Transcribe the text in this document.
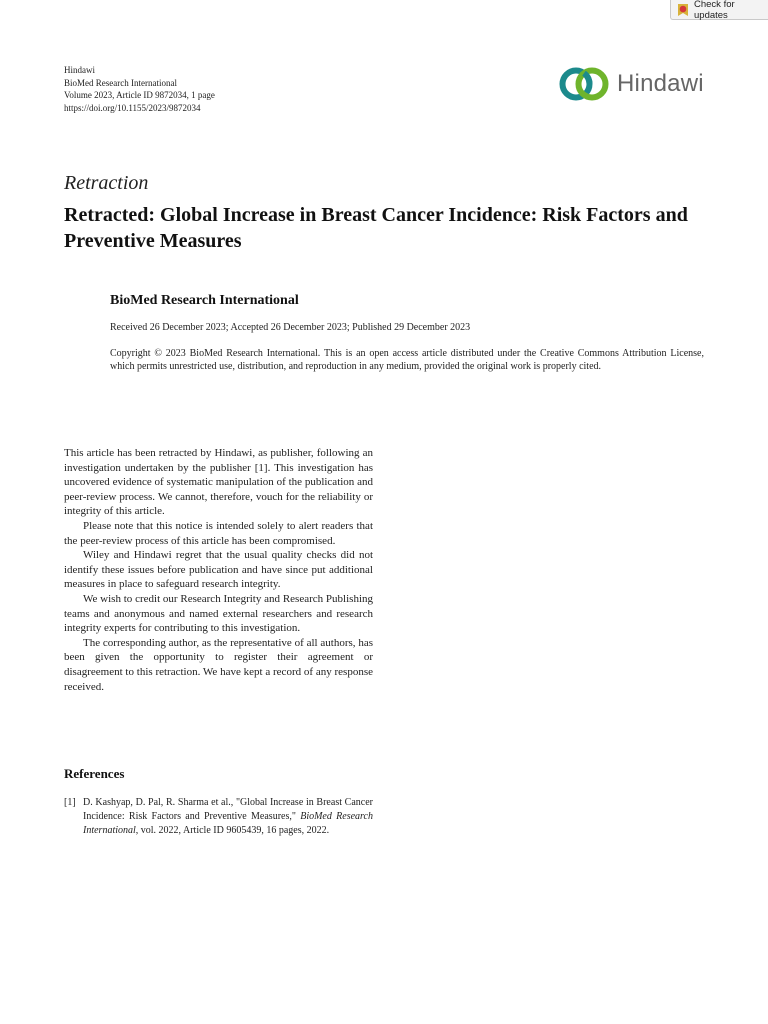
Check for updates
Hindawi
BioMed Research International
Volume 2023, Article ID 9872034, 1 page
https://doi.org/10.1155/2023/9872034
Hindawi
Retraction
Retracted: Global Increase in Breast Cancer Incidence: Risk Factors and Preventive Measures
BioMed Research International
Received 26 December 2023; Accepted 26 December 2023; Published 29 December 2023
Copyright © 2023 BioMed Research International. This is an open access article distributed under the Creative Commons Attribution License, which permits unrestricted use, distribution, and reproduction in any medium, provided the original work is properly cited.

This article has been retracted by Hindawi, as publisher, following an investigation undertaken by the publisher [1]. This investigation has uncovered evidence of systematic manipulation of the publication and peer-review process. We cannot, therefore, vouch for the reliability or integrity of this article.

Please note that this notice is intended solely to alert readers that the peer-review process of this article has been compromised.

Wiley and Hindawi regret that the usual quality checks did not identify these issues before publication and have since put additional measures in place to safeguard research integrity.

We wish to credit our Research Integrity and Research Publishing teams and anonymous and named external researchers and research integrity experts for contributing to this investigation.

The corresponding author, as the representative of all authors, has been given the opportunity to register their agreement or disagreement to this retraction. We have kept a record of any response received.

References
[1] D. Kashyap, D. Pal, R. Sharma et al., "Global Increase in Breast Cancer Incidence: Risk Factors and Preventive Measures," BioMed Research International, vol. 2022, Article ID 9605439, 16 pages, 2022.
